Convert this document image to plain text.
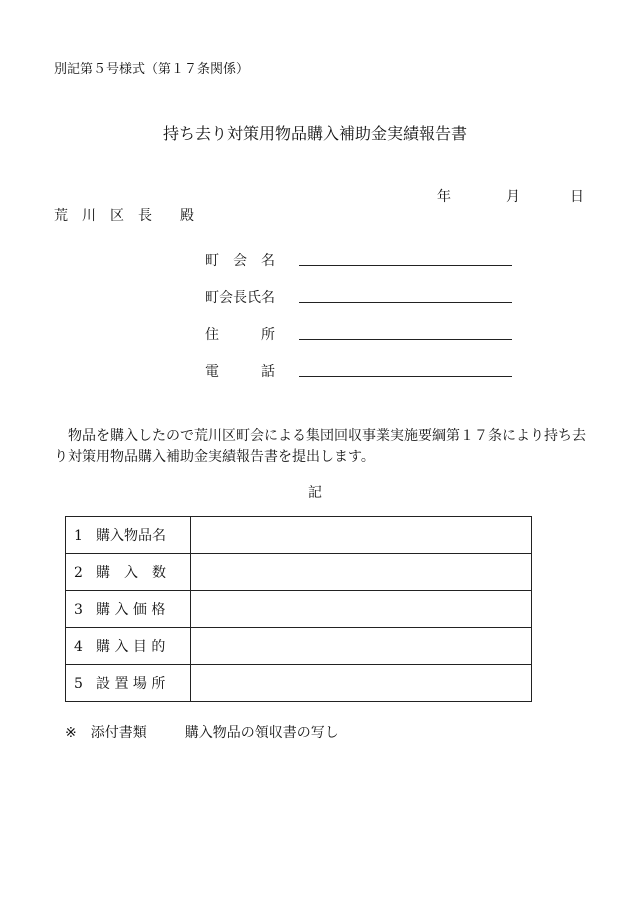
別記第５号様式（第１７条関係）
持ち去り対策用物品購入補助金実績報告書
年	月	日
荒　川　区　長　　殿
町　会　名
町会長氏名
住　　　所
電　　　話
物品を購入したので荒川区町会による集団回収事業実施要綱第１７条により持ち去り対策用物品購入補助金実績報告書を提出します。
記
1 購入物品名	
2 購　入　数	
3 購 入 価 格	
4 購 入 目 的	
5 設 置 場 所	
※ 添付書類	購入物品の領収書の写し
